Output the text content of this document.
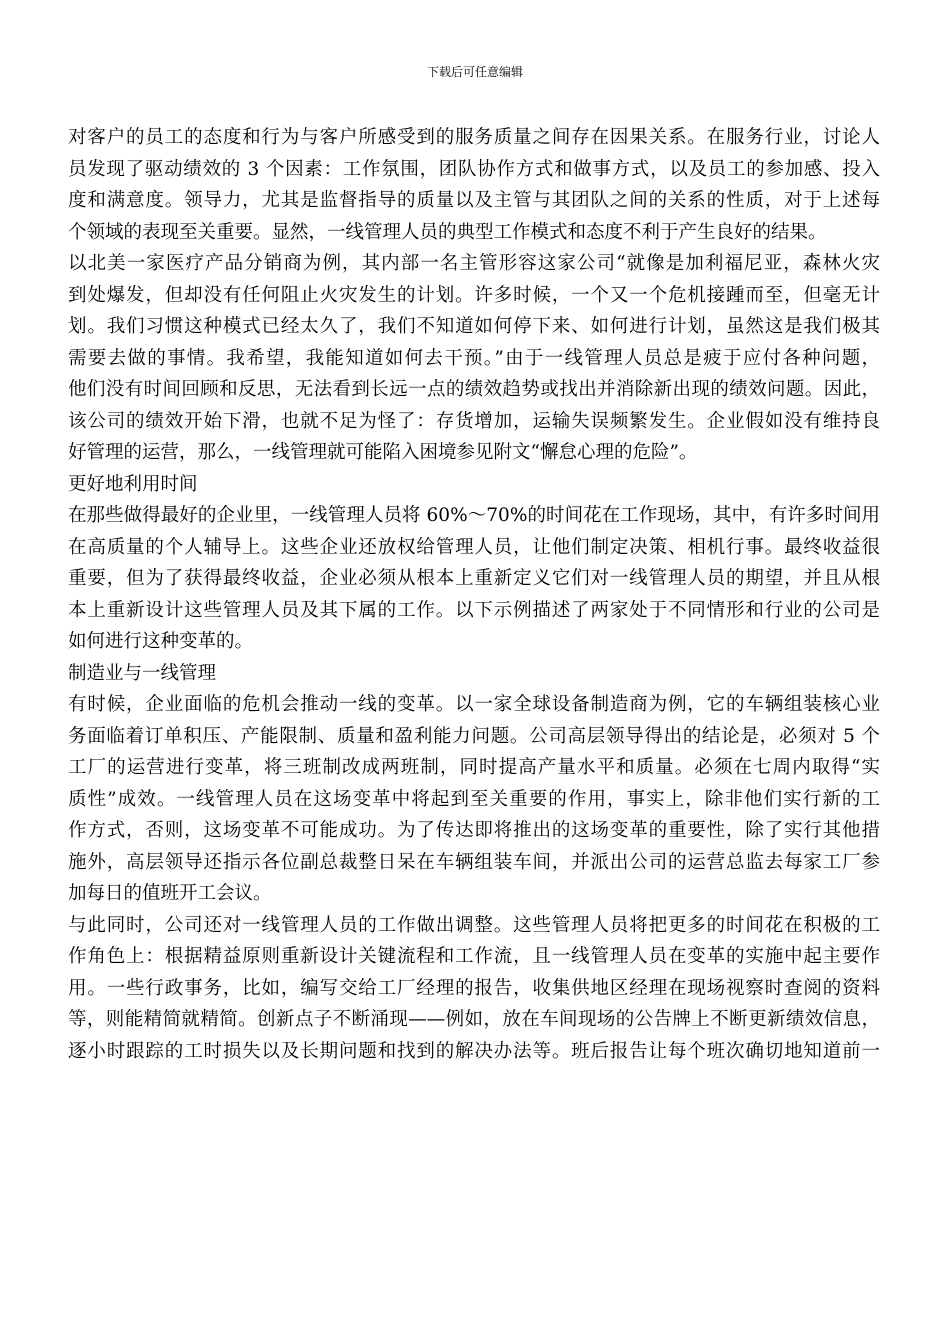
下载后可任意编辑
对客户的员工的态度和行为与客户所感受到的服务质量之间存在因果关系。在服务行业，讨论人
员发现了驱动绩效的 3 个因素：工作氛围，团队协作方式和做事方式，以及员工的参加感、投入
度和满意度。领导力，尤其是监督指导的质量以及主管与其团队之间的关系的性质，对于上述每
个领域的表现至关重要。显然，一线管理人员的典型工作模式和态度不利于产生良好的结果。
以北美一家医疗产品分销商为例，其内部一名主管形容这家公司“就像是加利福尼亚，森林火灾
到处爆发，但却没有任何阻止火灾发生的计划。许多时候，一个又一个危机接踵而至，但毫无计
划。我们习惯这种模式已经太久了，我们不知道如何停下来、如何进行计划，虽然这是我们极其
需要去做的事情。我希望，我能知道如何去干预。”由于一线管理人员总是疲于应付各种问题，
他们没有时间回顾和反思，无法看到长远一点的绩效趋势或找出并消除新出现的绩效问题。因此，
该公司的绩效开始下滑，也就不足为怪了：存货增加，运输失误频繁发生。企业假如没有维持良
好管理的运营，那么，一线管理就可能陷入困境参见附文“懈怠心理的危险”。
更好地利用时间
在那些做得最好的企业里，一线管理人员将 60%～70%的时间花在工作现场，其中，有许多时间用
在高质量的个人辅导上。这些企业还放权给管理人员，让他们制定决策、相机行事。最终收益很
重要，但为了获得最终收益，企业必须从根本上重新定义它们对一线管理人员的期望，并且从根
本上重新设计这些管理人员及其下属的工作。以下示例描述了两家处于不同情形和行业的公司是
如何进行这种变革的。
制造业与一线管理
有时候，企业面临的危机会推动一线的变革。以一家全球设备制造商为例，它的车辆组装核心业
务面临着订单积压、产能限制、质量和盈利能力问题。公司高层领导得出的结论是，必须对 5 个
工厂的运营进行变革，将三班制改成两班制，同时提高产量水平和质量。必须在七周内取得“实
质性”成效。一线管理人员在这场变革中将起到至关重要的作用，事实上，除非他们实行新的工
作方式，否则，这场变革不可能成功。为了传达即将推出的这场变革的重要性，除了实行其他措
施外，高层领导还指示各位副总裁整日呆在车辆组装车间，并派出公司的运营总监去每家工厂参
加每日的值班开工会议。
与此同时，公司还对一线管理人员的工作做出调整。这些管理人员将把更多的时间花在积极的工
作角色上：根据精益原则重新设计关键流程和工作流，且一线管理人员在变革的实施中起主要作
用。一些行政事务，比如，编写交给工厂经理的报告，收集供地区经理在现场视察时查阅的资料
等，则能精简就精简。创新点子不断涌现——例如，放在车间现场的公告牌上不断更新绩效信息，
逐小时跟踪的工时损失以及长期问题和找到的解决办法等。班后报告让每个班次确切地知道前一
